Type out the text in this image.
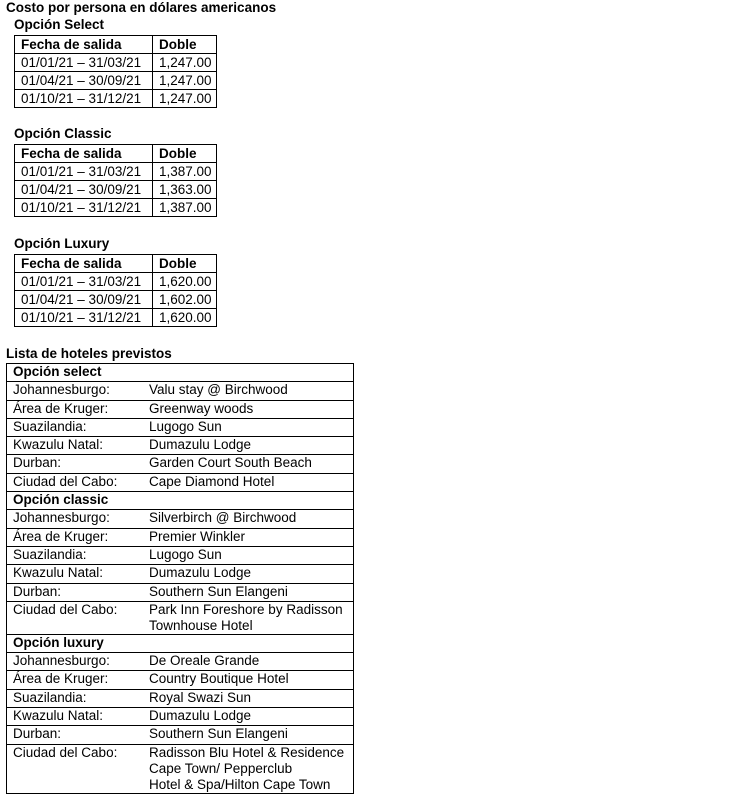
Costo por persona en dólares americanos
Opción Select
Fecha de salida	Doble
01/01/21 – 31/03/21	1,247.00
01/04/21 – 30/09/21	1,247.00
01/10/21 – 31/12/21	1,247.00
Opción Classic
Fecha de salida	Doble
01/01/21 – 31/03/21	1,387.00
01/04/21 – 30/09/21	1,363.00
01/10/21 – 31/12/21	1,387.00
Opción Luxury
Fecha de salida	Doble
01/01/21 – 31/03/21	1,620.00
01/04/21 – 30/09/21	1,602.00
01/10/21 – 31/12/21	1,620.00
Lista de hoteles previstos
Opción select	
Johannesburgo:	Valu stay @ Birchwood

Área de Kruger:	Greenway woods

Suazilandia:	Lugogo Sun

Kwazulu Natal:	Dumazulu Lodge

Durban:	Garden Court South Beach

Ciudad del Cabo:	Cape Diamond Hotel

Opción classic	
Johannesburgo:	Silverbirch @ Birchwood

Área de Kruger:	Premier Winkler

Suazilandia:	Lugogo Sun

Kwazulu Natal:	Dumazulu Lodge

Durban:	Southern Sun Elangeni

Ciudad del Cabo:	Park Inn Foreshore by Radisson
Townhouse Hotel

Opción luxury	
Johannesburgo:	De Oreale Grande

Área de Kruger:	Country Boutique Hotel

Suazilandia:	Royal Swazi Sun

Kwazulu Natal:	Dumazulu Lodge

Durban:	Southern Sun Elangeni

Ciudad del Cabo:	Radisson Blu Hotel & Residence
Cape Town/ Pepperclub
Hotel & Spa/Hilton Cape Town
